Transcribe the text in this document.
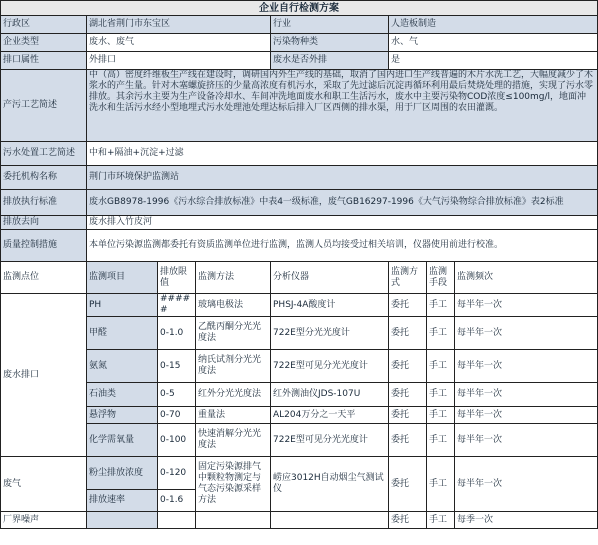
企业自行检测方案							
行政区	湖北省荆门市东宝区			行业	人造板制造		
企业类型	废水、废气			污染物种类	水、气		
排口属性	外排口			废水是否外排	是		
产污工艺简述	中（高）密度纤维板生产线在建设时，调研国内外生产线的基础，取消了国内进口生产线普遍的木片水洗工艺，大幅度减少了木浆水的产生量。针对木塞螺旋挤压的少量高浓度有机污水，采取了先过滤后沉淀再循环利用最后焚烧处理的措施，实现了污水零排放。其余污水主要为生产设备冷却水、车间冲洗地面废水和职工生活污水，废水中主要污染物COD浓度≤100mg/l，地面冲洗水和生活污水经小型地埋式污水处理池处理达标后排入厂区西侧的排水渠，用于厂区周围的农田灌溉。						
污水处置工艺简述	中和+隔油+沉淀+过滤						
委托机构名称	荆门市环境保护监测站						
排放执行标准	废水GB8978-1996《污水综合排放标准》中表4一级标准，废气GB16297-1996《大气污染物综合排放标准》表2标准						
排放去向	废水排入竹皮河						
质量控制措施	本单位污染源监测都委托有资质监测单位进行监测，监测人员均接受过相关培训，仪器使用前进行校准。						
监测点位	监测项目	排放限值	监测方法	分析仪器	监测方式	监测手段	监测频次
废水排口	PH	#####	玻璃电极法	PHSJ-4A酸度计	委托	手工	每半年一次
	甲醛	0-1.0	乙酰丙酮分光光度法	722E型分光光度计	委托	手工	每半年一次
	氨氮	0-15	纳氏试剂分光光度法	722E型可见分光光度计	委托	手工	每半年一次
	石油类	0-5	红外分光光度法	红外测油仪JDS-107U	委托	手工	每半年一次
	悬浮物	0-70	重量法	AL204万分之一天平	委托	手工	每半年一次
	化学需氧量	0-100	快速消解分光光度法	722E型可见分光光度计	委托	手工	每半年一次
废气	粉尘排放浓度	0-120	固定污染源排气中颗粒物测定与气态污染源采样方法	崂应3012H自动烟尘气测试仪	委托	手工	每半年一次
	排放速率	0-1.6					
厂界噪声					委托	手工	每季一次
